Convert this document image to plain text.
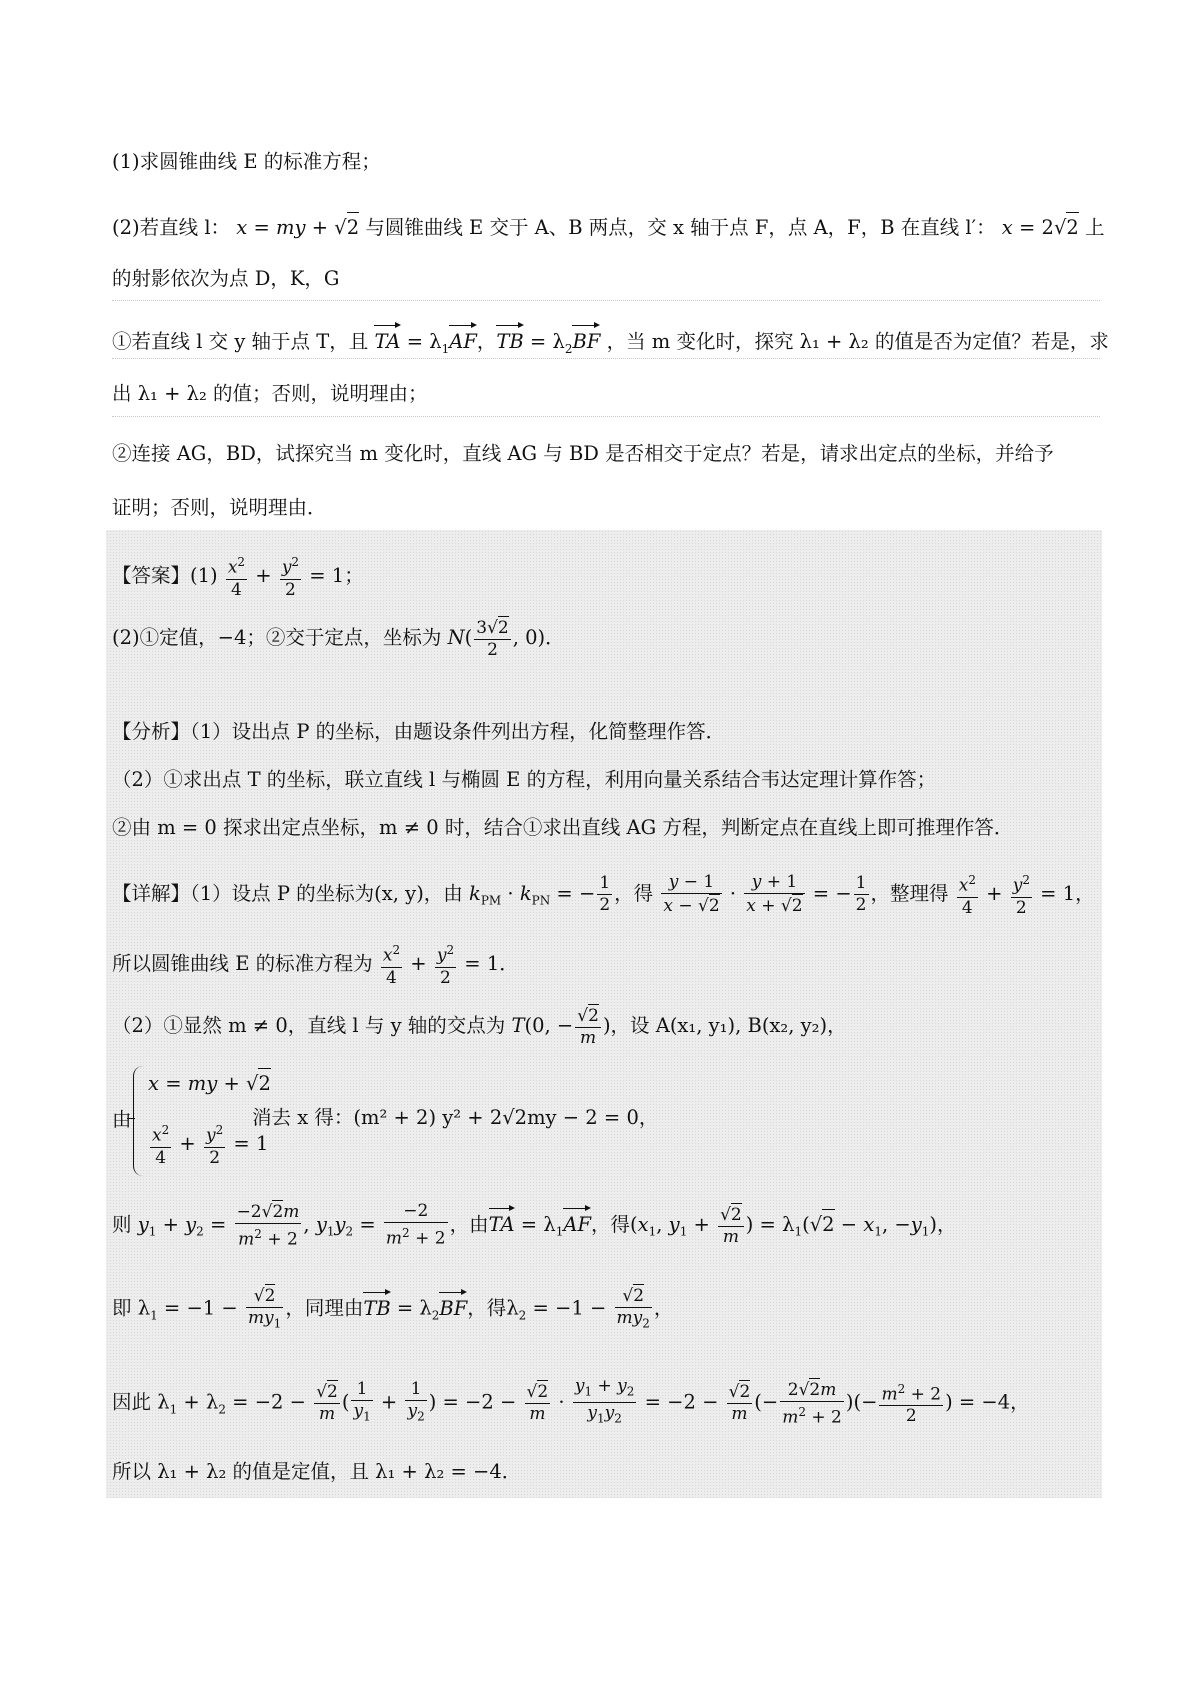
(1)求圆锥曲线 E 的标准方程；
(2)若直线 l： x = my + √2 与圆锥曲线 E 交于 A、B 两点，交 x 轴于点 F，点 A，F，B 在直线 l′： x = 2√2 上
的射影依次为点 D，K，G
①若直线 l 交 y 轴于点 T，且 TA = $\lambda_1AF$，TB = $\lambda_2BF$ ，当 m 变化时，探究 λ₁ + λ₂ 的值是否为定值？若是，求
出 λ₁ + λ₂ 的值；否则，说明理由；
②连接 AG，BD，试探究当 m 变化时，直线 AG 与 BD 是否相交于定点？若是，请求出定点的坐标，并给予
证明；否则，说明理由．
【答案】$(1) \frac{x^2}{4} + \frac{y^2}{2} = 1$；
(2)①定值，−4；②交于定点，坐标为 $N( \frac{3√2}{2}$ , 0)．
【分析】（1）设出点 P 的坐标，由题设条件列出方程，化简整理作答．
（2）①求出点 T 的坐标，联立直线 l 与椭圆 E 的方程，利用向量关系结合韦达定理计算作答；
②由 m = 0 探求出定点坐标，m ≠ 0 时，结合①求出直线 AG 方程，判断定点在直线上即可推理作答．
【详解】（1）设点 P 的坐标为(x, y)，由 $k_{PM} \cdot k_{PN}$ = − $\frac{1}{2}$ ，得 $\frac{y - 1}{x - √2} \cdot \frac{y + 1}{x + √2}$ = − $\frac{1}{2}$ ，整理得 $\frac{x^2}{4} + \frac{y^2}{2} = 1$，
所以圆锥曲线 E 的标准方程为 $\frac{x^2}{4} + \frac{y^2}{2} = 1$．
（2）①显然 m ≠ 0，直线 l 与 y 轴的交点为 T(0, − $\frac{√2}{m}$ )，设 A(x₁, y₁), B(x₂, y₂)，
由
x = my + √2
$\frac{x^2}{4} + \frac{y^2}{2} = 1$
消去 x 得：(m² + 2) y² + 2√2my − 2 = 0，
则 $y_1 + y_2 = \frac{-2√2m}{m^2 + 2}$ , $y_1y_2 = \frac{-2}{m^2 + 2}$ ，由TA = $\lambda_1AF$，得($x_1$, $y_1 + \frac{√2}{m}$ ) = $\lambda_1(√2 - x_1$, $-y_1$)，
即 $\lambda_1 = -1 - \frac{√2}{my_1}$ ，同理由TB = $\lambda_2BF$，得$\lambda_2 = -1 - \frac{√2}{my_2}$ ，
因此 $\lambda_1 + \lambda_2 = -2 - \frac{√2}{m}$ ( $\frac{1}{y_1} + \frac{1}{y_2}$ ) = $-2 - \frac{√2}{m} \cdot \frac{y_1 + y_2}{y_1y_2} = -2 - \frac{√2}{m}$ (− $\frac{2√2m}{m^2 + 2}$ )(− $\frac{m^2 + 2}{2}$ ) = −4，
所以 λ₁ + λ₂ 的值是定值，且 λ₁ + λ₂ = −4．
